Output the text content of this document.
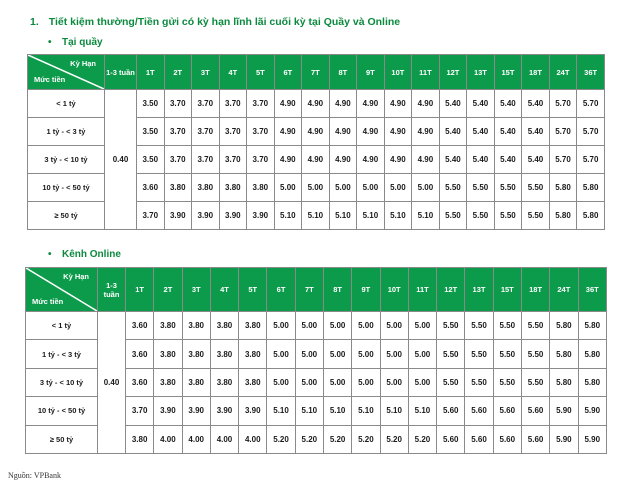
1. Tiết kiệm thường/Tiền gửi có kỳ hạn lĩnh lãi cuối kỳ tại Quầy và Online
• Tại quầy
Kỳ Hạn
Mức tiền	1-3 tuần	1T	2T	3T	4T	5T	6T	7T	8T	9T	10T	11T	12T	13T	15T	18T	24T	36T
< 1 tỷ	0.40	3.50	3.70	3.70	3.70	3.70	4.90	4.90	4.90	4.90	4.90	4.90	5.40	5.40	5.40	5.40	5.70	5.70
1 tỷ - < 3 tỷ		3.50	3.70	3.70	3.70	3.70	4.90	4.90	4.90	4.90	4.90	4.90	5.40	5.40	5.40	5.40	5.70	5.70
3 tỷ - < 10 tỷ		3.50	3.70	3.70	3.70	3.70	4.90	4.90	4.90	4.90	4.90	4.90	5.40	5.40	5.40	5.40	5.70	5.70
10 tỷ - < 50 tỷ		3.60	3.80	3.80	3.80	3.80	5.00	5.00	5.00	5.00	5.00	5.00	5.50	5.50	5.50	5.50	5.80	5.80
≥ 50 tỷ		3.70	3.90	3.90	3.90	3.90	5.10	5.10	5.10	5.10	5.10	5.10	5.50	5.50	5.50	5.50	5.80	5.80
• Kênh Online
Kỳ Hạn
Mức tiền	1-3 tuần	1T	2T	3T	4T	5T	6T	7T	8T	9T	10T	11T	12T	13T	15T	18T	24T	36T
< 1 tỷ	0.40	3.60	3.80	3.80	3.80	3.80	5.00	5.00	5.00	5.00	5.00	5.00	5.50	5.50	5.50	5.50	5.80	5.80
1 tỷ - < 3 tỷ		3.60	3.80	3.80	3.80	3.80	5.00	5.00	5.00	5.00	5.00	5.00	5.50	5.50	5.50	5.50	5.80	5.80
3 tỷ - < 10 tỷ		3.60	3.80	3.80	3.80	3.80	5.00	5.00	5.00	5.00	5.00	5.00	5.50	5.50	5.50	5.50	5.80	5.80
10 tỷ - < 50 tỷ		3.70	3.90	3.90	3.90	3.90	5.10	5.10	5.10	5.10	5.10	5.10	5.60	5.60	5.60	5.60	5.90	5.90
≥ 50 tỷ		3.80	4.00	4.00	4.00	4.00	5.20	5.20	5.20	5.20	5.20	5.20	5.60	5.60	5.60	5.60	5.90	5.90
Nguồn: VPBank
